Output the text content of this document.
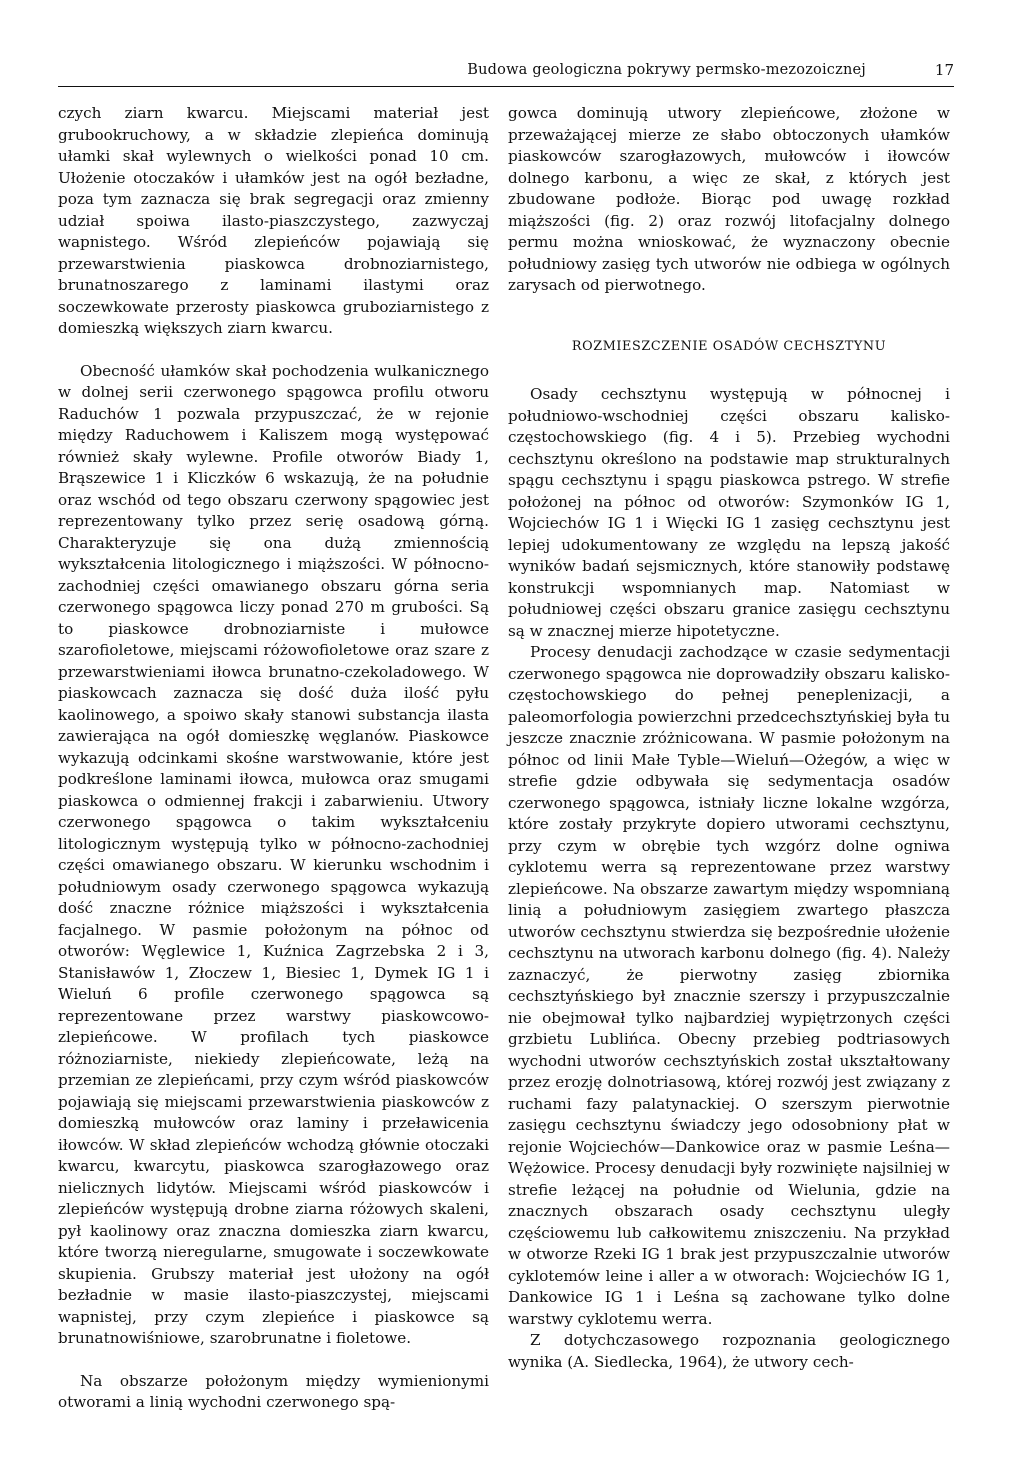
Budowa geologiczna pokrywy permsko-mezozoicznej	17

czych ziarn kwarcu. Miejscami materiał jest grubookruchowy, a w składzie zlepieńca dominują ułamki skał wylewnych o wielkości ponad 10 cm. Ułożenie otoczaków i ułamków jest na ogół bezładne, poza tym zaznacza się brak segregacji oraz zmienny udział spoiwa ilasto-piaszczystego, zazwyczaj wapnistego. Wśród zlepieńców pojawiają się przewarstwienia piaskowca drobnoziarnistego, brunatnoszarego z laminami ilastymi oraz soczewkowate przerosty piaskowca gruboziarnistego z domieszką większych ziarn kwarcu.

Obecność ułamków skał pochodzenia wulkanicznego w dolnej serii czerwonego spągowca profilu otworu Raduchów 1 pozwala przypuszczać, że w rejonie między Raduchowem i Kaliszem mogą występować również skały wylewne. Profile otworów Biady 1, Brąszewice 1 i Kliczków 6 wskazują, że na południe oraz wschód od tego obszaru czerwony spągowiec jest reprezentowany tylko przez serię osadową górną. Charakteryzuje się ona dużą zmiennością wykształcenia litologicznego i miąższości. W północno-zachodniej części omawianego obszaru górna seria czerwonego spągowca liczy ponad 270 m grubości. Są to piaskowce drobnoziarniste i mułowce szarofioletowe, miejscami różowofioletowe oraz szare z przewarstwieniami iłowca brunatno-czekoladowego. W piaskowcach zaznacza się dość duża ilość pyłu kaolinowego, a spoiwo skały stanowi substancja ilasta zawierająca na ogół domieszkę węglanów. Piaskowce wykazują odcinkami skośne warstwowanie, które jest podkreślone laminami iłowca, mułowca oraz smugami piaskowca o odmiennej frakcji i zabarwieniu. Utwory czerwonego spągowca o takim wykształceniu litologicznym występują tylko w północno-zachodniej części omawianego obszaru. W kierunku wschodnim i południowym osady czerwonego spągowca wykazują dość znaczne różnice miąższości i wykształcenia facjalnego. W pasmie położonym na północ od otworów: Węglewice 1, Kuźnica Zagrzebska 2 i 3, Stanisławów 1, Złoczew 1, Biesiec 1, Dymek IG 1 i Wieluń 6 profile czerwonego spągowca są reprezentowane przez warstwy piaskowcowo-zlepieńcowe. W profilach tych piaskowce różnoziarniste, niekiedy zlepieńcowate, leżą na przemian ze zlepieńcami, przy czym wśród piaskowców pojawiają się miejscami przewarstwienia piaskowców z domieszką mułowców oraz laminy i przeławicenia iłowców. W skład zlepieńców wchodzą głównie otoczaki kwarcu, kwarcytu, piaskowca szarogłazowego oraz nielicznych lidytów. Miejscami wśród piaskowców i zlepieńców występują drobne ziarna różowych skaleni, pył kaolinowy oraz znaczna domieszka ziarn kwarcu, które tworzą nieregularne, smugowate i soczewkowate skupienia. Grubszy materiał jest ułożony na ogół bezładnie w masie ilasto-piaszczystej, miejscami wapnistej, przy czym zlepieńce i piaskowce są brunatnowiśniowe, szarobrunatne i fioletowe.

Na obszarze położonym między wymienionymi otworami a linią wychodni czerwonego spą-

gowca dominują utwory zlepieńcowe, złożone w przeważającej mierze ze słabo obtoczonych ułamków piaskowców szarogłazowych, mułowców i iłowców dolnego karbonu, a więc ze skał, z których jest zbudowane podłoże. Biorąc pod uwagę rozkład miąższości (fig. 2) oraz rozwój litofacjalny dolnego permu można wnioskować, że wyznaczony obecnie południowy zasięg tych utworów nie odbiega w ogólnych zarysach od pierwotnego.

ROZMIESZCZENIE OSADÓW CECHSZTYNU

Osady cechsztynu występują w północnej i południowo-wschodniej części obszaru kalisko-częstochowskiego (fig. 4 i 5). Przebieg wychodni cechsztynu określono na podstawie map strukturalnych spągu cechsztynu i spągu piaskowca pstrego. W strefie położonej na północ od otworów: Szymonków IG 1, Wojciechów IG 1 i Więcki IG 1 zasięg cechsztynu jest lepiej udokumentowany ze względu na lepszą jakość wyników badań sejsmicznych, które stanowiły podstawę konstrukcji wspomnianych map. Natomiast w południowej części obszaru granice zasięgu cechsztynu są w znacznej mierze hipotetyczne.

Procesy denudacji zachodzące w czasie sedymentacji czerwonego spągowca nie doprowadziły obszaru kalisko-częstochowskiego do pełnej peneplenizacji, a paleomorfologia powierzchni przedcechsztyńskiej była tu jeszcze znacznie zróżnicowana. W pasmie położonym na północ od linii Małe Tyble—Wieluń—Ożegów, a więc w strefie gdzie odbywała się sedymentacja osadów czerwonego spągowca, istniały liczne lokalne wzgórza, które zostały przykryte dopiero utworami cechsztynu, przy czym w obrębie tych wzgórz dolne ogniwa cyklotemu werra są reprezentowane przez warstwy zlepieńcowe. Na obszarze zawartym między wspomnianą linią a południowym zasięgiem zwartego płaszcza utworów cechsztynu stwierdza się bezpośrednie ułożenie cechsztynu na utworach karbonu dolnego (fig. 4). Należy zaznaczyć, że pierwotny zasięg zbiornika cechsztyńskiego był znacznie szerszy i przypuszczalnie nie obejmował tylko najbardziej wypiętrzonych części grzbietu Lublińca. Obecny przebieg podtriasowych wychodni utworów cechsztyńskich został ukształtowany przez erozję dolnotriasową, której rozwój jest związany z ruchami fazy palatynackiej. O szerszym pierwotnie zasięgu cechsztynu świadczy jego odosobniony płat w rejonie Wojciechów—Dankowice oraz w pasmie Leśna—Wężowice. Procesy denudacji były rozwinięte najsilniej w strefie leżącej na południe od Wielunia, gdzie na znacznych obszarach osady cechsztynu uległy częściowemu lub całkowitemu zniszczeniu. Na przykład w otworze Rzeki IG 1 brak jest przypuszczalnie utworów cyklotemów leine i aller a w otworach: Wojciechów IG 1, Dankowice IG 1 i Leśna są zachowane tylko dolne warstwy cyklotemu werra.

Z dotychczasowego rozpoznania geologicznego wynika (A. Siedlecka, 1964), że utwory cech-
